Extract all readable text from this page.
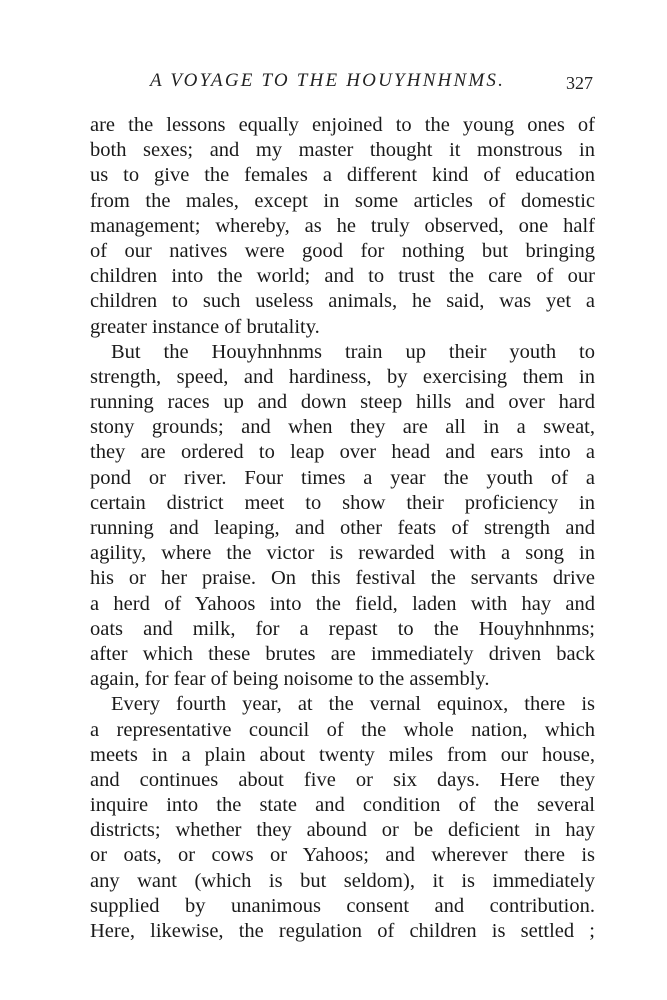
A VOYAGE TO THE HOUYHNHNMS.	327
are the lessons equally enjoined to the young ones of
both sexes; and my master thought it monstrous in
us to give the females a different kind of education
from the males, except in some articles of domestic
management; whereby, as he truly observed, one half
of our natives were good for nothing but bringing
children into the world; and to trust the care of our
children to such useless animals, he said, was yet a
greater instance of brutality.
But the Houyhnhnms train up their youth to
strength, speed, and hardiness, by exercising them in
running races up and down steep hills and over hard
stony grounds; and when they are all in a sweat,
they are ordered to leap over head and ears into a
pond or river. Four times a year the youth of a
certain district meet to show their proficiency in
running and leaping, and other feats of strength and
agility, where the victor is rewarded with a song in
his or her praise. On this festival the servants drive
a herd of Yahoos into the field, laden with hay and
oats and milk, for a repast to the Houyhnhnms;
after which these brutes are immediately driven back
again, for fear of being noisome to the assembly.
Every fourth year, at the vernal equinox, there is
a representative council of the whole nation, which
meets in a plain about twenty miles from our house,
and continues about five or six days. Here they
inquire into the state and condition of the several
districts; whether they abound or be deficient in hay
or oats, or cows or Yahoos; and wherever there is
any want (which is but seldom), it is immediately
supplied by unanimous consent and contribution.
Here, likewise, the regulation of children is settled ;
